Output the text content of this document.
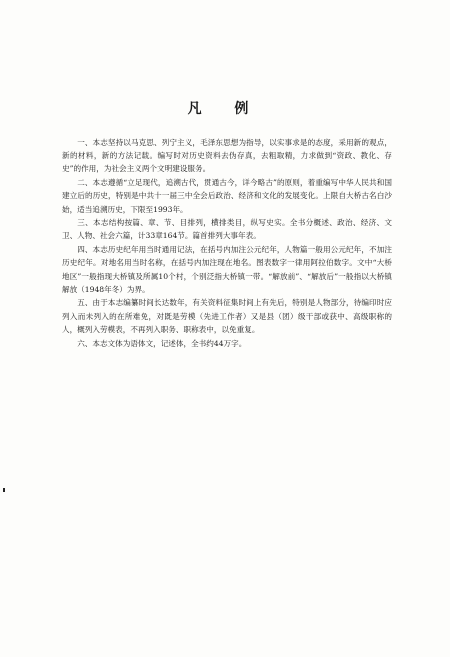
凡 例

一、本志坚持以马克思、列宁主义，毛泽东思想为指导，以实事求是的态度，采用新的观点，新的材料，新的方法记载。编写时对历史资料去伪存真，去粗取精，力求做到“资政、教化、存史”的作用，为社会主义两个文明建设服务。

二、本志遵循“立足现代，追溯古代，贯通古今，详今略古”的原则，着重编写中华人民共和国建立后的历史，特别是中共十一届三中全会后政治、经济和文化的发展变化。上限自大桥古名白沙始，适当追溯历史，下限至1993年。

三、本志结构按篇、章、节、目排列，横排类目，纵写史实。全书分概述、政治、经济、文卫、人物、社会六篇，计33章164节。篇首排列大事年表。

四、本志历史纪年用当时通用记法，在括号内加注公元纪年，人物篇一般用公元纪年，不加注历史纪年。对地名用当时名称，在括号内加注现在地名。图表数字一律用阿拉伯数字。文中“大桥地区”一般指现大桥镇及所属10个村，个别泛指大桥镇一带。“解放前”、“解放后”一般指以大桥镇解放（1948年冬）为界。

五、由于本志编纂时间长达数年，有关资料征集时间上有先后，特别是人物部分，待编印时应列入而未列入的在所难免，对既是劳模（先进工作者）又是县（团）级干部或获中、高级职称的人，概列入劳模表，不再列入职务、职称表中，以免重复。

六、本志文体为语体文，记述体，全书约44万字。
